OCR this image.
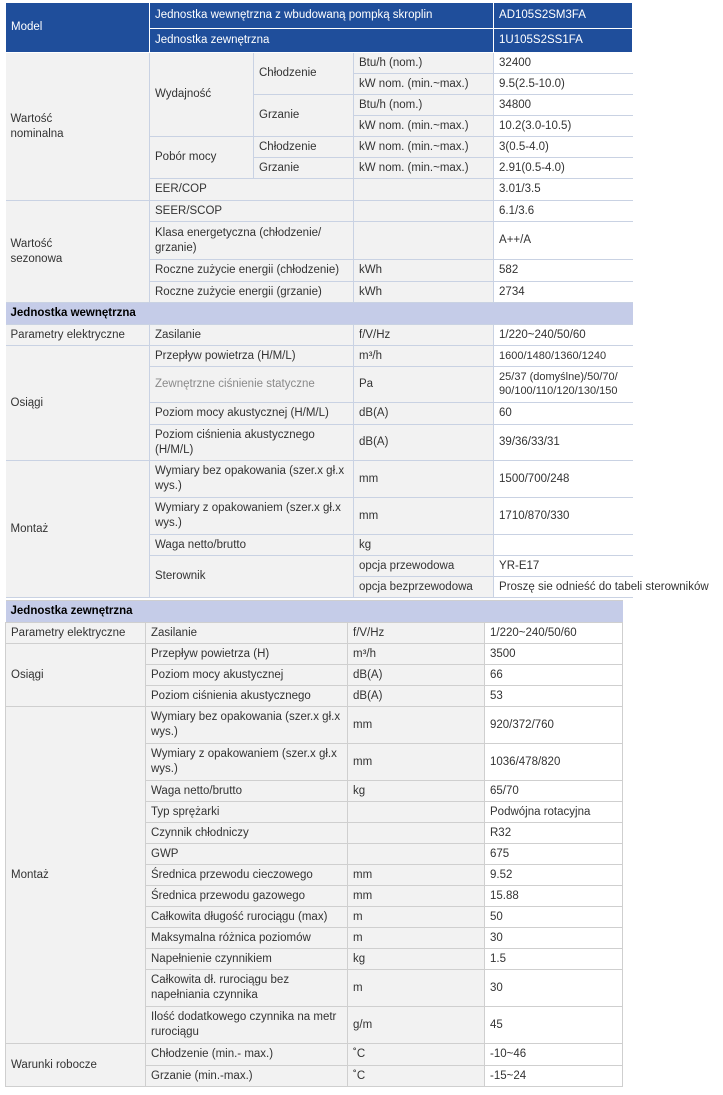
Model	Jednostka wewnętrzna z wbudowaną pompką skroplin			AD105S2SM3FA
	Jednostka zewnętrzna			1U105S2SS1FA
Wartość nominalna	Wydajność	Chłodzenie	Btu/h (nom.)	32400
			kW nom. (min.~max.)	9.5(2.5-10.0)
		Grzanie	Btu/h (nom.)	34800
			kW nom. (min.~max.)	10.2(3.0-10.5)
	Pobór mocy	Chłodzenie	kW nom. (min.~max.)	3(0.5-4.0)
		Grzanie	kW nom. (min.~max.)	2.91(0.5-4.0)
	EER/COP			3.01/3.5
Wartość sezonowa	SEER/SCOP			6.1/3.6
	Klasa energetyczna (chłodzenie/ grzanie)			A++/A
	Roczne zużycie energii (chłodzenie)		kWh	582
	Roczne zużycie energii (grzanie)		kWh	2734
Jednostka wewnętrzna				
Parametry elektryczne	Zasilanie		f/V/Hz	1/220~240/50/60
Osiągi	Przepływ powietrza (H/M/L)		m³/h	1600/1480/1360/1240
	Zewnętrzne ciśnienie statyczne		Pa	25/37 (domyślne)/50/70/ 90/100/110/120/130/150
	Poziom mocy akustycznej (H/M/L)		dB(A)	60
	Poziom ciśnienia akustycznego (H/M/L)		dB(A)	39/36/33/31
Montaż	Wymiary bez opakowania (szer.x gł.x wys.)		mm	1500/700/248
	Wymiary z opakowaniem (szer.x gł.x wys.)		mm	1710/870/330
	Waga netto/brutto		kg	
	Sterownik		opcja przewodowa	YR-E17
			opcja bezprzewodowa	Proszę sie odnieść do tabeli sterowników
Jednostka zewnętrzna			
Parametry elektryczne	Zasilanie	f/V/Hz	1/220~240/50/60
Osiągi	Przepływ powietrza (H)	m³/h	3500
	Poziom mocy akustycznej	dB(A)	66
	Poziom ciśnienia akustycznego	dB(A)	53
Montaż	Wymiary bez opakowania (szer.x gł.x wys.)	mm	920/372/760
	Wymiary z opakowaniem (szer.x gł.x wys.)	mm	1036/478/820
	Waga netto/brutto	kg	65/70
	Typ sprężarki		Podwójna rotacyjna
	Czynnik chłodniczy		R32
	GWP		675
	Średnica przewodu cieczowego	mm	9.52
	Średnica przewodu gazowego	mm	15.88
	Całkowita długość rurociągu (max)	m	50
	Maksymalna różnica poziomów	m	30
	Napełnienie czynnikiem	kg	1.5
	Całkowita dł. rurociągu bez napełniania czynnika	m	30
	Ilość dodatkowego czynnika na metr rurociągu	g/m	45
Warunki robocze	Chłodzenie (min.- max.)	˚C	-10~46
	Grzanie (min.-max.)	˚C	-15~24
